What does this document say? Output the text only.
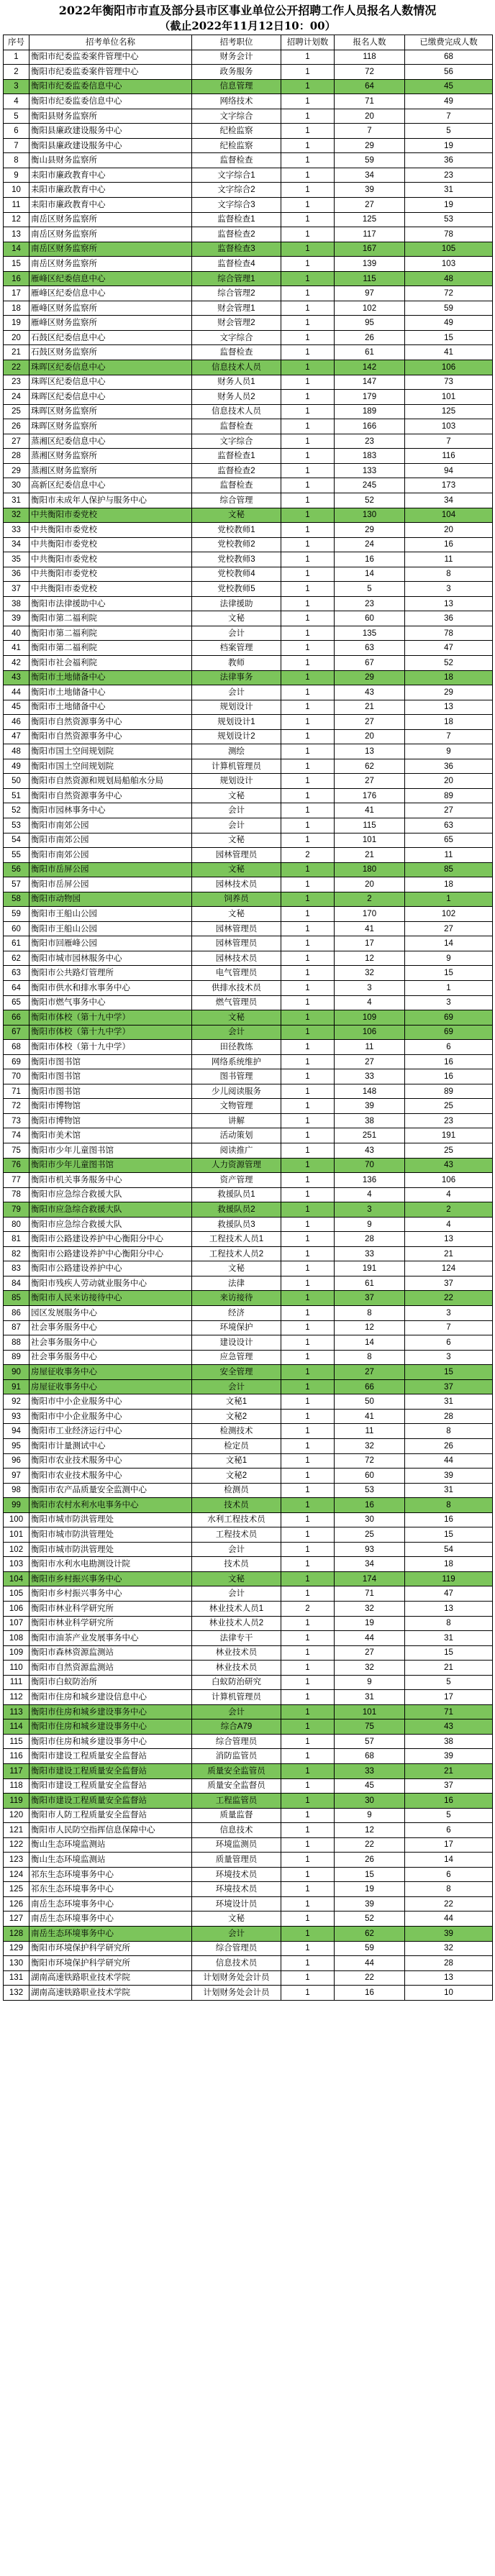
2022年衡阳市市直及部分县市区事业单位公开招聘工作人员报名人数情况
（截止2022年11月12日10：00）
序号	招考单位名称	招考职位	招聘计划数	报名人数	已缴费完成人数
1	衡阳市纪委监委案件管理中心	财务会计	1	118	68
2	衡阳市纪委监委案件管理中心	政务服务	1	72	56
3	衡阳市纪委监委信息中心	信息管理	1	64	45
4	衡阳市纪委监委信息中心	网络技术	1	71	49
5	衡阳县财务监察所	文字综合	1	20	7
6	衡阳县廉政建设服务中心	纪检监察	1	7	5
7	衡阳县廉政建设服务中心	纪检监察	1	29	19
8	衡山县财务监察所	监督检查	1	59	36
9	耒阳市廉政教育中心	文字综合1	1	34	23
10	耒阳市廉政教育中心	文字综合2	1	39	31
11	耒阳市廉政教育中心	文字综合3	1	27	19
12	南岳区财务监察所	监督检查1	1	125	53
13	南岳区财务监察所	监督检查2	1	117	78
14	南岳区财务监察所	监督检查3	1	167	105
15	南岳区财务监察所	监督检查4	1	139	103
16	雁峰区纪委信息中心	综合管理1	1	115	48
17	雁峰区纪委信息中心	综合管理2	1	97	72
18	雁峰区财务监察所	财会管理1	1	102	59
19	雁峰区财务监察所	财会管理2	1	95	49
20	石鼓区纪委信息中心	文字综合	1	26	15
21	石鼓区财务监察所	监督检查	1	61	41
22	珠晖区纪委信息中心	信息技术人员	1	142	106
23	珠晖区纪委信息中心	财务人员1	1	147	73
24	珠晖区纪委信息中心	财务人员2	1	179	101
25	珠晖区财务监察所	信息技术人员	1	189	125
26	珠晖区财务监察所	监督检查	1	166	103
27	蒸湘区纪委信息中心	文字综合	1	23	7
28	蒸湘区财务监察所	监督检查1	1	183	116
29	蒸湘区财务监察所	监督检查2	1	133	94
30	高新区纪委信息中心	监督检查	1	245	173
31	衡阳市未成年人保护与服务中心	综合管理	1	52	34
32	中共衡阳市委党校	文秘	1	130	104
33	中共衡阳市委党校	党校教师1	1	29	20
34	中共衡阳市委党校	党校教师2	1	24	16
35	中共衡阳市委党校	党校教师3	1	16	11
36	中共衡阳市委党校	党校教师4	1	14	8
37	中共衡阳市委党校	党校教师5	1	5	3
38	衡阳市法律援助中心	法律援助	1	23	13
39	衡阳市第二福利院	文秘	1	60	36
40	衡阳市第二福利院	会计	1	135	78
41	衡阳市第二福利院	档案管理	1	63	47
42	衡阳市社会福利院	教师	1	67	52
43	衡阳市土地储备中心	法律事务	1	29	18
44	衡阳市土地储备中心	会计	1	43	29
45	衡阳市土地储备中心	规划设计	1	21	13
46	衡阳市自然资源事务中心	规划设计1	1	27	18
47	衡阳市自然资源事务中心	规划设计2	1	20	7
48	衡阳市国土空间规划院	测绘	1	13	9
49	衡阳市国土空间规划院	计算机管理员	1	62	36
50	衡阳市自然资源和规划局船舶水分局	规划设计	1	27	20
51	衡阳市自然资源事务中心	文秘	1	176	89
52	衡阳市园林事务中心	会计	1	41	27
53	衡阳市南郊公园	会计	1	115	63
54	衡阳市南郊公园	文秘	1	101	65
55	衡阳市南郊公园	园林管理员	2	21	11
56	衡阳市岳屏公园	文秘	1	180	85
57	衡阳市岳屏公园	园林技术员	1	20	18
58	衡阳市动物园	饲养员	1	2	1
59	衡阳市王船山公园	文秘	1	170	102
60	衡阳市王船山公园	园林管理员	1	41	27
61	衡阳市回雁峰公园	园林管理员	1	17	14
62	衡阳市城市园林服务中心	园林技术员	1	12	9
63	衡阳市公共路灯管理所	电气管理员	1	32	15
64	衡阳市供水和排水事务中心	供排水技术员	1	3	1
65	衡阳市燃气事务中心	燃气管理员	1	4	3
66	衡阳市体校（第十九中学）	文秘	1	109	69
67	衡阳市体校（第十九中学）	会计	1	106	69
68	衡阳市体校（第十九中学）	田径教练	1	11	6
69	衡阳市图书馆	网络系统维护	1	27	16
70	衡阳市图书馆	图书管理	1	33	16
71	衡阳市图书馆	少儿阅读服务	1	148	89
72	衡阳市博物馆	文物管理	1	39	25
73	衡阳市博物馆	讲解	1	38	23
74	衡阳市美术馆	活动策划	1	251	191
75	衡阳市少年儿童图书馆	阅读推广	1	43	25
76	衡阳市少年儿童图书馆	人力资源管理	1	70	43
77	衡阳市机关事务服务中心	资产管理	1	136	106
78	衡阳市应急综合救援大队	救援队员1	1	4	4
79	衡阳市应急综合救援大队	救援队员2	1	3	2
80	衡阳市应急综合救援大队	救援队员3	1	9	4
81	衡阳市公路建设养护中心衡阳分中心	工程技术人员1	1	28	13
82	衡阳市公路建设养护中心衡阳分中心	工程技术人员2	1	33	21
83	衡阳市公路建设养护中心	文秘	1	191	124
84	衡阳市残疾人劳动就业服务中心	法律	1	61	37
85	衡阳市人民来访接待中心	来访接待	1	37	22
86	园区发展服务中心	经济	1	8	3
87	社会事务服务中心	环境保护	1	12	7
88	社会事务服务中心	建设设计	1	14	6
89	社会事务服务中心	应急管理	1	8	3
90	房屋征收事务中心	安全管理	1	27	15
91	房屋征收事务中心	会计	1	66	37
92	衡阳市中小企业服务中心	文秘1	1	50	31
93	衡阳市中小企业服务中心	文秘2	1	41	28
94	衡阳市工业经济运行中心	检测技术	1	11	8
95	衡阳市计量测试中心	检定员	1	32	26
96	衡阳市农业技术服务中心	文秘1	1	72	44
97	衡阳市农业技术服务中心	文秘2	1	60	39
98	衡阳市农产品质量安全监测中心	检测员	1	53	31
99	衡阳市农村水利水电事务中心	技术员	1	16	8
100	衡阳市城市防洪管理处	水利工程技术员	1	30	16
101	衡阳市城市防洪管理处	工程技术员	1	25	15
102	衡阳市城市防洪管理处	会计	1	93	54
103	衡阳市水利水电勘测设计院	技术员	1	34	18
104	衡阳市乡村振兴事务中心	文秘	1	174	119
105	衡阳市乡村振兴事务中心	会计	1	71	47
106	衡阳市林业科学研究所	林业技术人员1	2	32	13
107	衡阳市林业科学研究所	林业技术人员2	1	19	8
108	衡阳市油茶产业发展事务中心	法律专干	1	44	31
109	衡阳市森林资源监测站	林业技术员	1	27	15
110	衡阳市自然资源监测站	林业技术员	1	32	21
111	衡阳市白蚁防治所	白蚁防治研究	1	9	5
112	衡阳市住房和城乡建设信息中心	计算机管理员	1	31	17
113	衡阳市住房和城乡建设事务中心	会计	1	101	71
114	衡阳市住房和城乡建设事务中心	综合A79	1	75	43
115	衡阳市住房和城乡建设事务中心	综合管理员	1	57	38
116	衡阳市建设工程质量安全监督站	消防监管员	1	68	39
117	衡阳市建设工程质量安全监督站	质量安全监管员	1	33	21
118	衡阳市建设工程质量安全监督站	质量安全监督员	1	45	37
119	衡阳市建设工程质量安全监督站	工程监管员	1	30	16
120	衡阳市人防工程质量安全监督站	质量监督	1	9	5
121	衡阳市人民防空指挥信息保障中心	信息技术	1	12	6
122	衡山生态环境监测站	环境监测员	1	22	17
123	衡山生态环境监测站	质量管理员	1	26	14
124	祁东生态环境事务中心	环境技术员	1	15	6
125	祁东生态环境事务中心	环境技术员	1	19	8
126	南岳生态环境事务中心	环境设计员	1	39	22
127	南岳生态环境事务中心	文秘	1	52	44
128	南岳生态环境事务中心	会计	1	62	39
129	衡阳市环境保护科学研究所	综合管理员	1	59	32
130	衡阳市环境保护科学研究所	信息技术员	1	44	28
131	湖南高速铁路职业技术学院	计划财务处会计员	1	22	13
132	湖南高速铁路职业技术学院	计划财务处会计员	1	16	10
